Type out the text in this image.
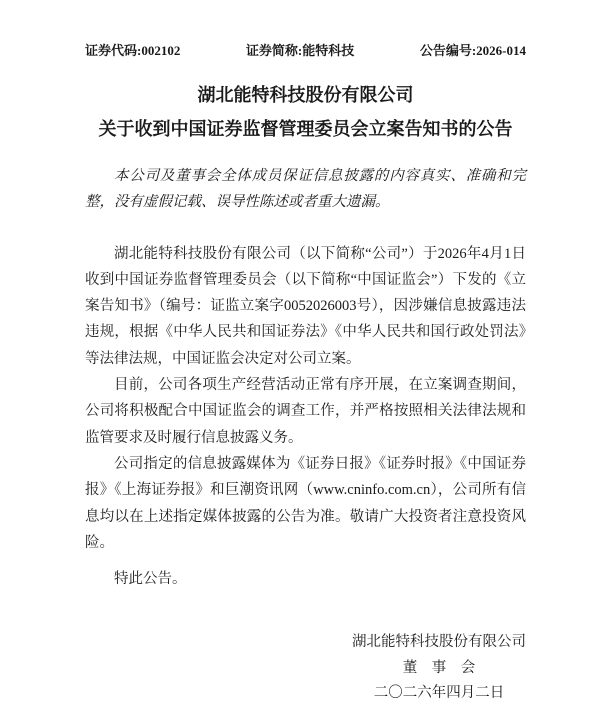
证券代码:002102	证券简称:能特科技	公告编号:2026-014
湖北能特科技股份有限公司
关于收到中国证券监督管理委员会立案告知书的公告

本公司及董事会全体成员保证信息披露的内容真实、准确和完整，没有虚假记载、误导性陈述或者重大遗漏。

湖北能特科技股份有限公司（以下简称“公司”）于2026年4月1日收到中国证券监督管理委员会（以下简称“中国证监会”）下发的《立案告知书》（编号：证监立案字0052026003号），因涉嫌信息披露违法违规，根据《中华人民共和国证券法》《中华人民共和国行政处罚法》等法律法规，中国证监会决定对公司立案。

目前，公司各项生产经营活动正常有序开展，在立案调查期间，公司将积极配合中国证监会的调查工作，并严格按照相关法律法规和监管要求及时履行信息披露义务。

公司指定的信息披露媒体为《证券日报》《证券时报》《中国证券报》《上海证券报》和巨潮资讯网（www.cninfo.com.cn），公司所有信息均以在上述指定媒体披露的公告为准。敬请广大投资者注意投资风险。

特此公告。

湖北能特科技股份有限公司
董　事　会
二〇二六年四月二日
